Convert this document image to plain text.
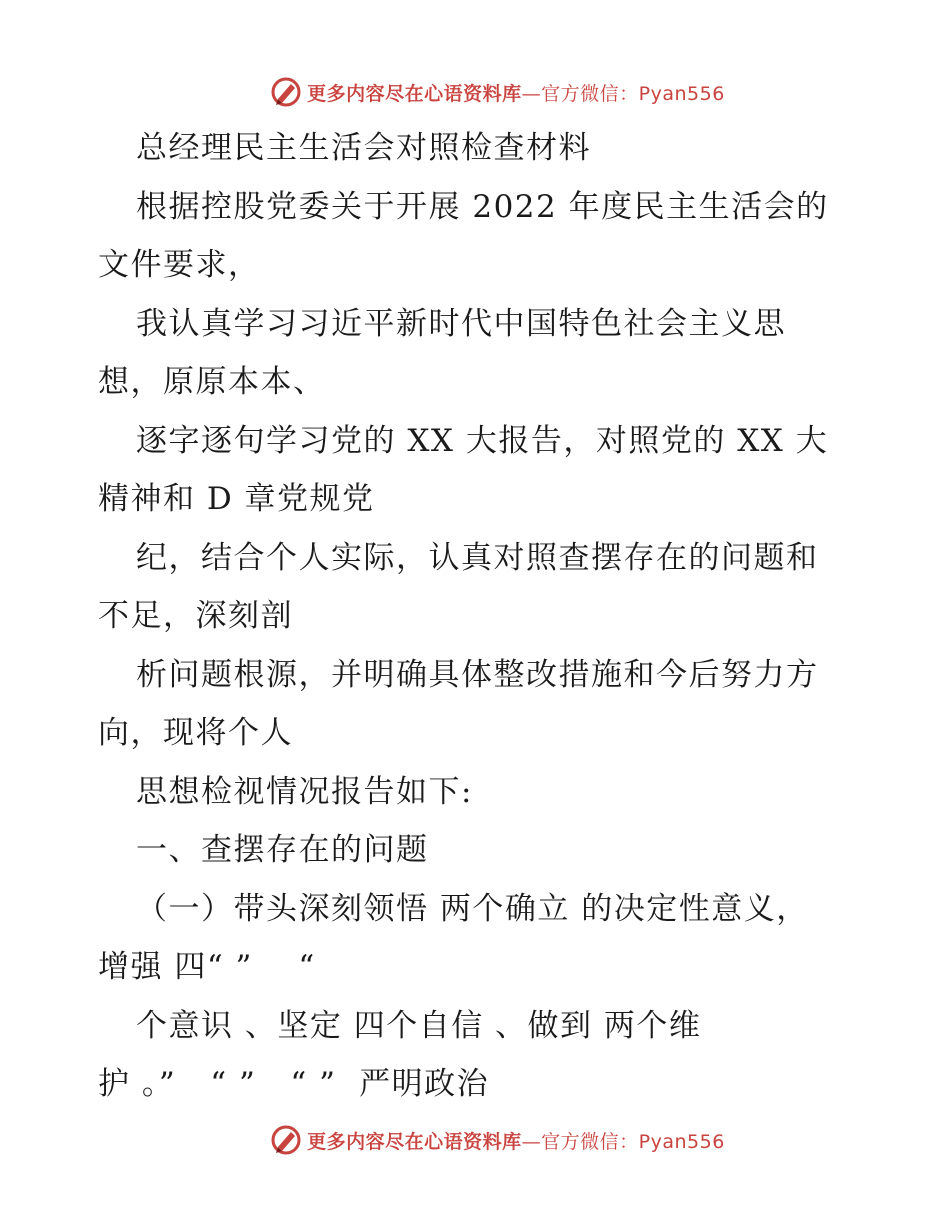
更多内容尽在心语资料库—官方微信：Pyan556
总经理民主生活会对照检查材料
根据控股党委关于开展 2022 年度民主生活会的
文件要求，
我认真学习习近平新时代中国特色社会主义思
想，原原本本、
逐字逐句学习党的 XX 大报告，对照党的 XX 大
精神和 D 章党规党
纪，结合个人实际，认真对照查摆存在的问题和
不足，深刻剖
析问题根源，并明确具体整改措施和今后努力方
向，现将个人
思想检视情况报告如下:
一、查摆存在的问题
（一）带头深刻领悟 两个确立 的决定性意义，
增强 四“ ”    “
个意识 、坚定 四个自信 、做到 两个维
护 。”   “ ”   “ ”  严明政治
更多内容尽在心语资料库—官方微信：Pyan556
